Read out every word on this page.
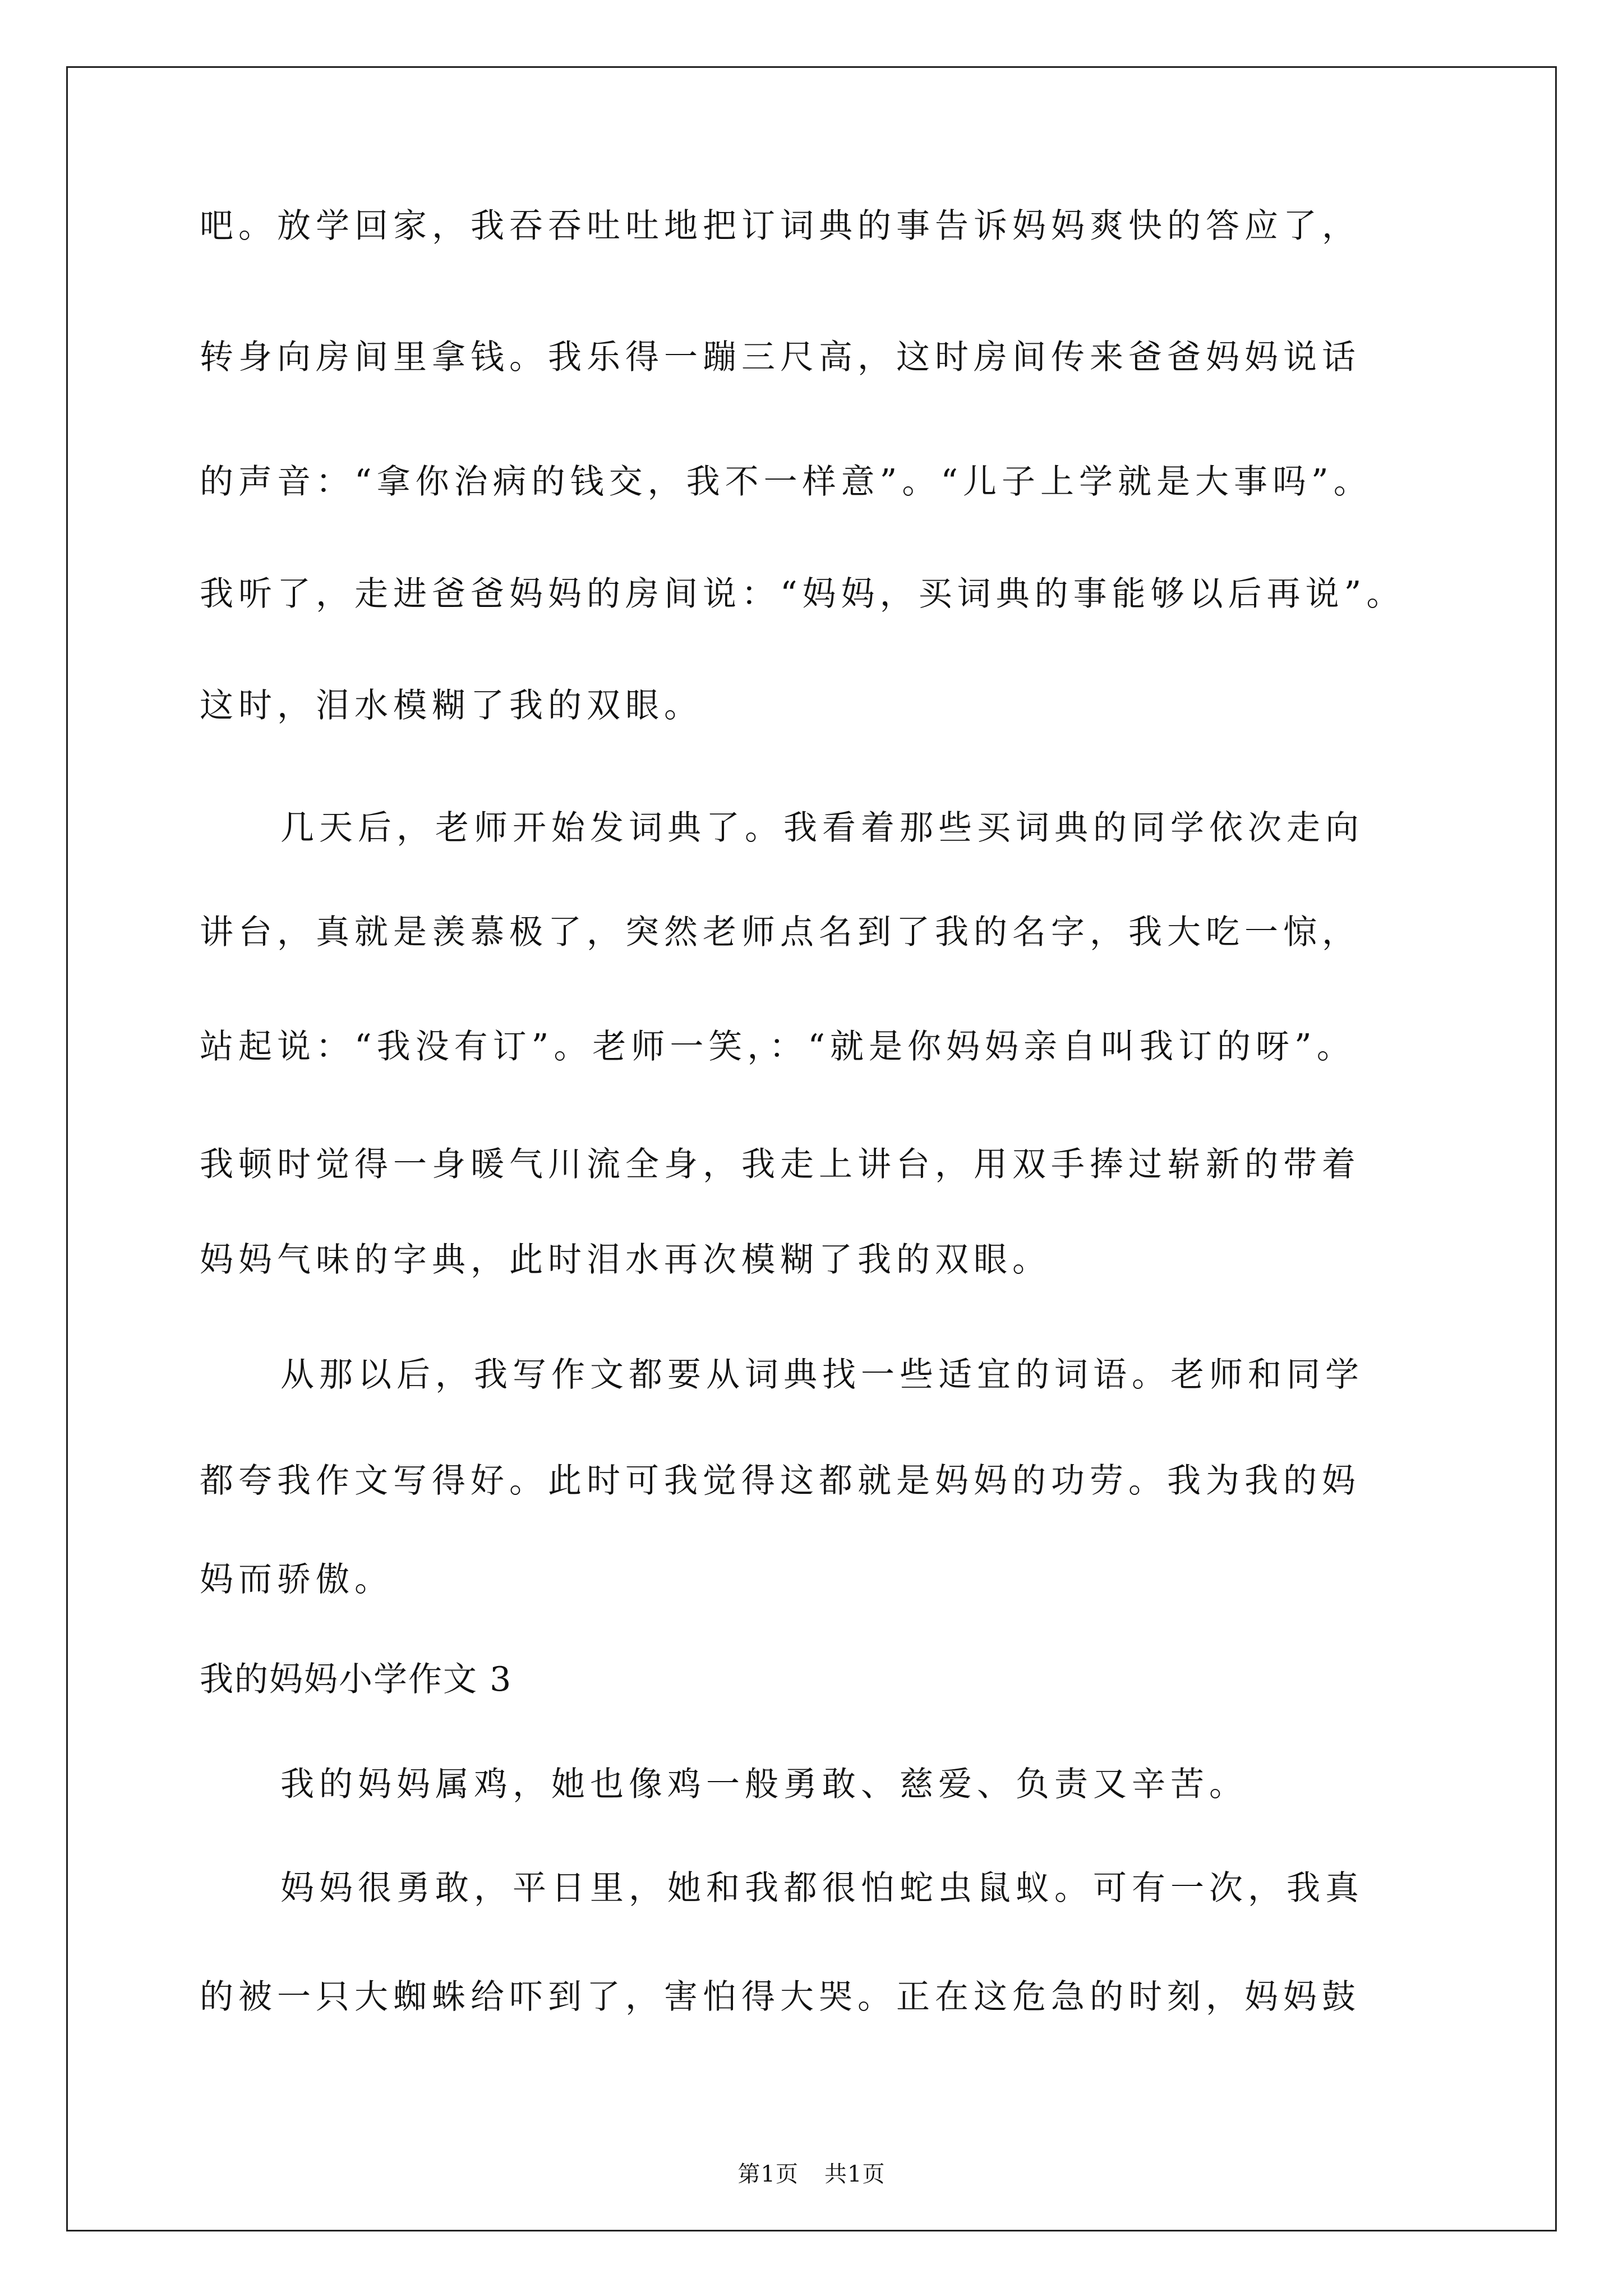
吧。放学回家，我吞吞吐吐地把订词典的事告诉妈妈爽快的答应了，
转身向房间里拿钱。我乐得一蹦三尺高，这时房间传来爸爸妈妈说话
的声音：“拿你治病的钱交，我不一样意”。“儿子上学就是大事吗”。
我听了，走进爸爸妈妈的房间说：“妈妈，买词典的事能够以后再说”。
这时，泪水模糊了我的双眼。
几天后，老师开始发词典了。我看着那些买词典的同学依次走向
讲台，真就是羡慕极了，突然老师点名到了我的名字，我大吃一惊，
站起说：“我没有订”。老师一笑，：“就是你妈妈亲自叫我订的呀”。
我顿时觉得一身暖气川流全身，我走上讲台，用双手捧过崭新的带着
妈妈气味的字典，此时泪水再次模糊了我的双眼。
从那以后，我写作文都要从词典找一些适宜的词语。老师和同学
都夸我作文写得好。此时可我觉得这都就是妈妈的功劳。我为我的妈
妈而骄傲。
我的妈妈小学作文 3
我的妈妈属鸡，她也像鸡一般勇敢、慈爱、负责又辛苦。
妈妈很勇敢，平日里，她和我都很怕蛇虫鼠蚁。可有一次，我真
的被一只大蜘蛛给吓到了，害怕得大哭。正在这危急的时刻，妈妈鼓
第1页 共1页
